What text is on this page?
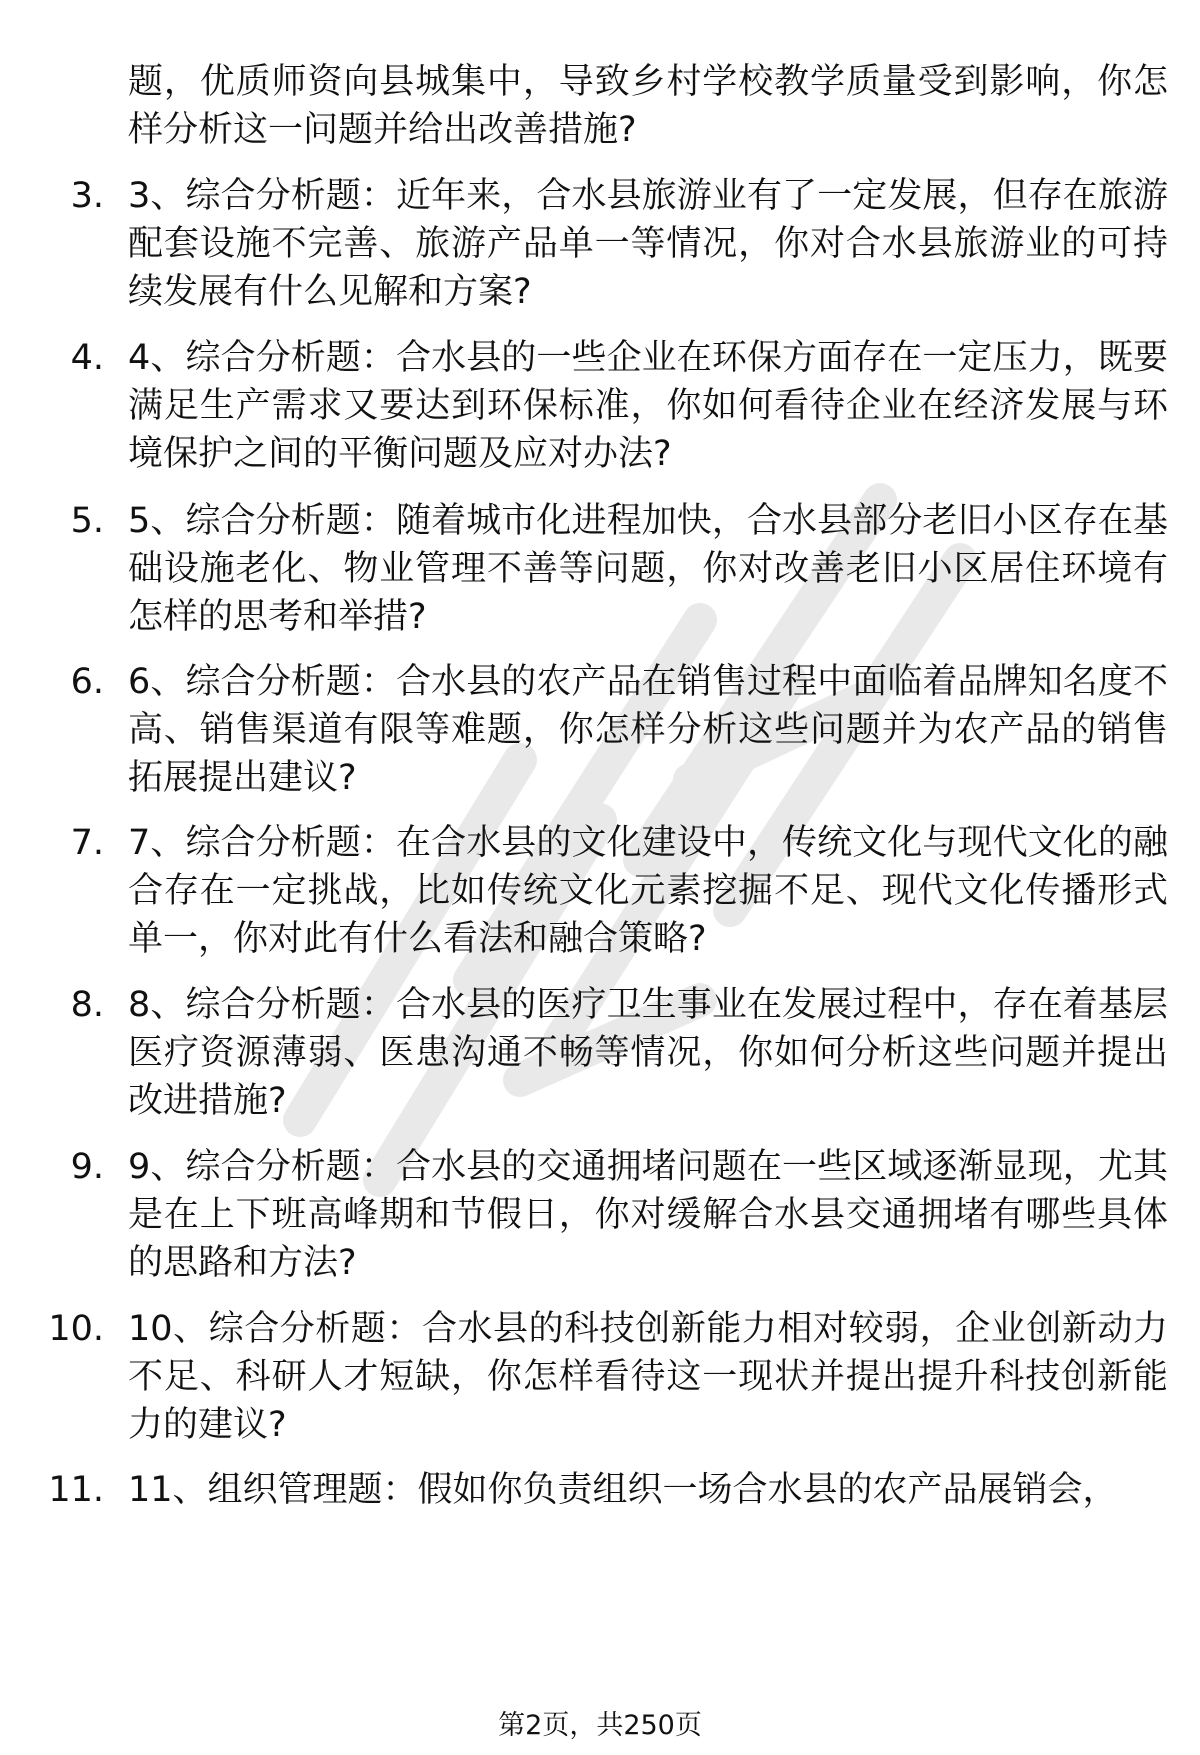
题，优质师资向县城集中，导致乡村学校教学质量受到影响，你怎样分析这一问题并给出改善措施?
3. 3、综合分析题：近年来，合水县旅游业有了一定发展，但存在旅游配套设施不完善、旅游产品单一等情况，你对合水县旅游业的可持续发展有什么见解和方案?
4. 4、综合分析题：合水县的一些企业在环保方面存在一定压力，既要满足生产需求又要达到环保标准，你如何看待企业在经济发展与环境保护之间的平衡问题及应对办法?
5. 5、综合分析题：随着城市化进程加快，合水县部分老旧小区存在基础设施老化、物业管理不善等问题，你对改善老旧小区居住环境有怎样的思考和举措?
6. 6、综合分析题：合水县的农产品在销售过程中面临着品牌知名度不高、销售渠道有限等难题，你怎样分析这些问题并为农产品的销售拓展提出建议?
7. 7、综合分析题：在合水县的文化建设中，传统文化与现代文化的融合存在一定挑战，比如传统文化元素挖掘不足、现代文化传播形式单一，你对此有什么看法和融合策略?
8. 8、综合分析题：合水县的医疗卫生事业在发展过程中，存在着基层医疗资源薄弱、医患沟通不畅等情况，你如何分析这些问题并提出改进措施?
9. 9、综合分析题：合水县的交通拥堵问题在一些区域逐渐显现，尤其是在上下班高峰期和节假日，你对缓解合水县交通拥堵有哪些具体的思路和方法?
10. 10、综合分析题：合水县的科技创新能力相对较弱，企业创新动力不足、科研人才短缺，你怎样看待这一现状并提出提升科技创新能力的建议?
11. 11、组织管理题：假如你负责组织一场合水县的农产品展销会，
第2页，共250页
